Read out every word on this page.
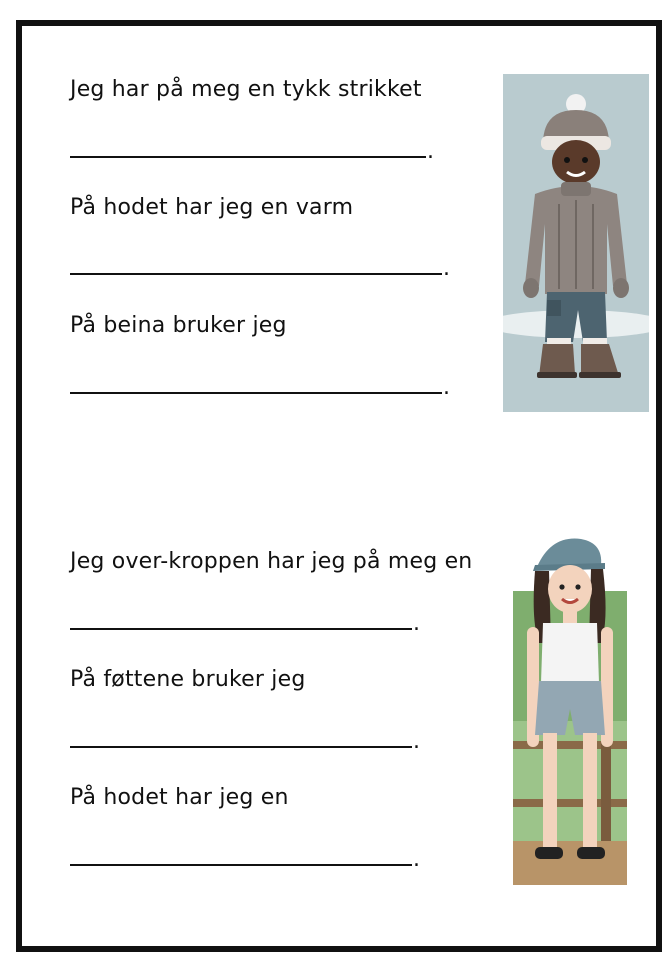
Jeg har på meg en tykk strikket
.
På hodet har jeg en varm
.
På beina bruker jeg
.
Jeg over-kroppen har jeg på meg en
.
På føttene bruker jeg
.
På hodet har jeg en
.
